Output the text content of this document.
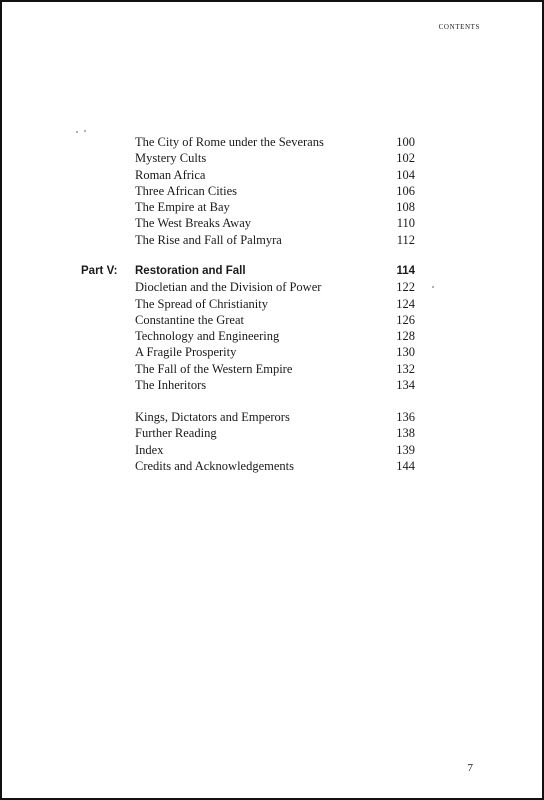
contents
The City of Rome under the Severans	100
Mystery Cults	102
Roman Africa	104
Three African Cities	106
The Empire at Bay	108
The West Breaks Away	110
The Rise and Fall of Palmyra	112
Part V: Restoration and Fall	114
Diocletian and the Division of Power	122
The Spread of Christianity	124
Constantine the Great	126
Technology and Engineering	128
A Fragile Prosperity	130
The Fall of the Western Empire	132
The Inheritors	134
Kings, Dictators and Emperors	136
Further Reading	138
Index	139
Credits and Acknowledgements	144
7
